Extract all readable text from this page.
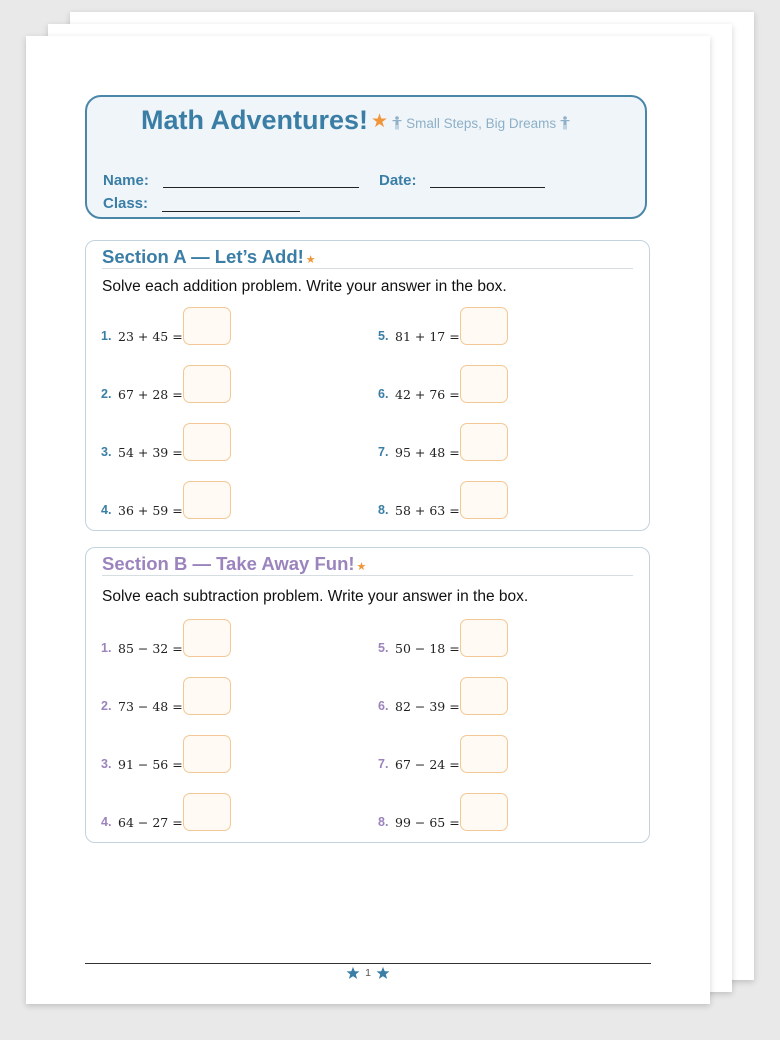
Math Adventures! ★ Small Steps, Big Dreams
Name:	Date:
Class:
Section A — Let’s Add! ★
Solve each addition problem. Write your answer in the box.
1. 23 + 45 =
2. 67 + 28 =
3. 54 + 39 =
4. 36 + 59 =
5. 81 + 17 =
6. 42 + 76 =
7. 95 + 48 =
8. 58 + 63 =
Section B — Take Away Fun! ★
Solve each subtraction problem. Write your answer in the box.
1. 85 − 32 =
2. 73 − 48 =
3. 91 − 56 =
4. 64 − 27 =
5. 50 − 18 =
6. 82 − 39 =
7. 67 − 24 =
8. 99 − 65 =
1
